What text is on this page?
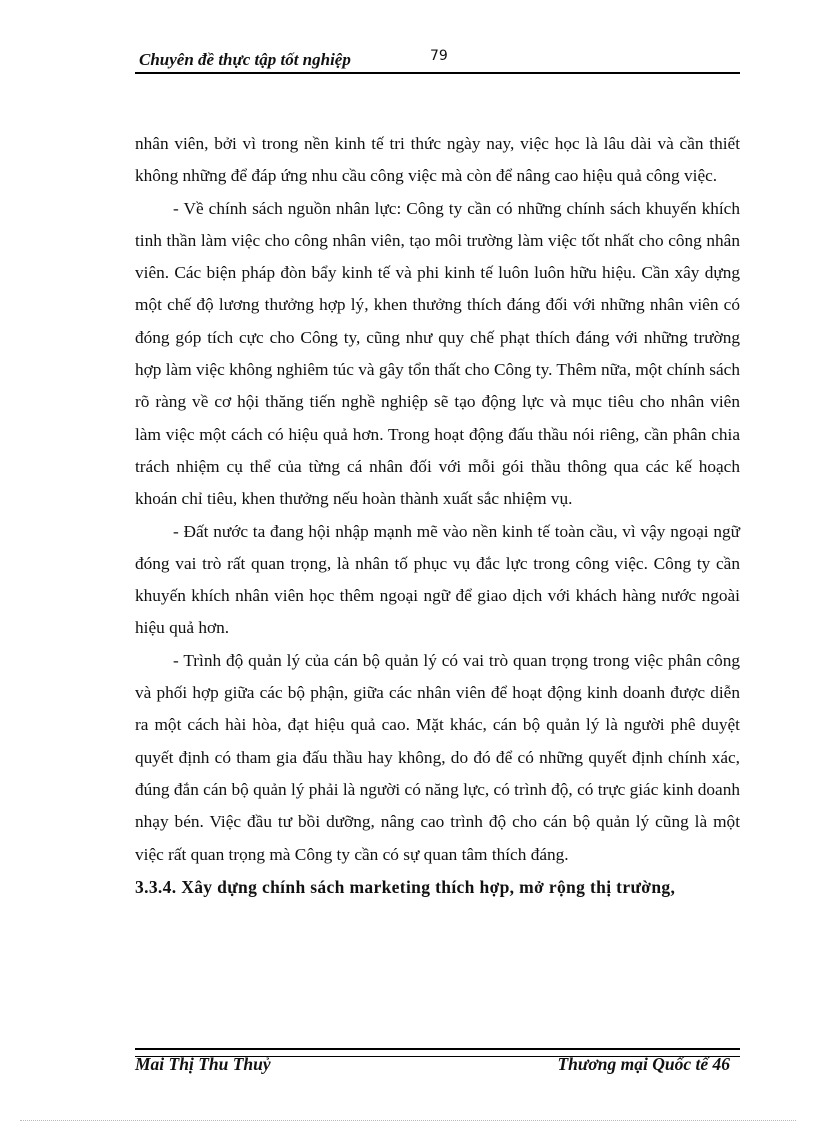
Chuyên đề thực tập tốt nghiệp	79

nhân viên, bởi vì trong nền kinh tế tri thức ngày nay, việc học là lâu dài và cần thiết không những để đáp ứng nhu cầu công việc mà còn để nâng cao hiệu quả công việc.

- Về chính sách nguồn nhân lực: Công ty cần có những chính sách khuyến khích tinh thần làm việc cho công nhân viên, tạo môi trường làm việc tốt nhất cho công nhân viên. Các biện pháp đòn bẩy kinh tế và phi kinh tế luôn luôn hữu hiệu. Cần xây dựng một chế độ lương thưởng hợp lý, khen thưởng thích đáng đối với những nhân viên có đóng góp tích cực cho Công ty, cũng như quy chế phạt thích đáng với những trường hợp làm việc không nghiêm túc và gây tổn thất cho Công ty. Thêm nữa, một chính sách rõ ràng về cơ hội thăng tiến nghề nghiệp sẽ tạo động lực và mục tiêu cho nhân viên làm việc một cách có hiệu quả hơn. Trong hoạt động đấu thầu nói riêng, cần phân chia trách nhiệm cụ thể của từng cá nhân đối với mỗi gói thầu thông qua các kế hoạch khoán chỉ tiêu, khen thưởng nếu hoàn thành xuất sắc nhiệm vụ.

- Đất nước ta đang hội nhập mạnh mẽ vào nền kinh tế toàn cầu, vì vậy ngoại ngữ đóng vai trò rất quan trọng, là nhân tố phục vụ đắc lực trong công việc. Công ty cần khuyến khích nhân viên học thêm ngoại ngữ để giao dịch với khách hàng nước ngoài hiệu quả hơn.

- Trình độ quản lý của cán bộ quản lý có vai trò quan trọng trong việc phân công và phối hợp giữa các bộ phận, giữa các nhân viên để hoạt động kinh doanh được diễn ra một cách hài hòa, đạt hiệu quả cao. Mặt khác, cán bộ quản lý là người phê duyệt quyết định có tham gia đấu thầu hay không, do đó để có những quyết định chính xác, đúng đắn cán bộ quản lý phải là người có năng lực, có trình độ, có trực giác kinh doanh nhạy bén. Việc đầu tư bồi dưỡng, nâng cao trình độ cho cán bộ quản lý cũng là một việc rất quan trọng mà Công ty cần có sự quan tâm thích đáng.

3.3.4. Xây dựng chính sách marketing thích hợp, mở rộng thị trường,

Mai Thị Thu Thuỷ	Thương mại Quốc tế 46
